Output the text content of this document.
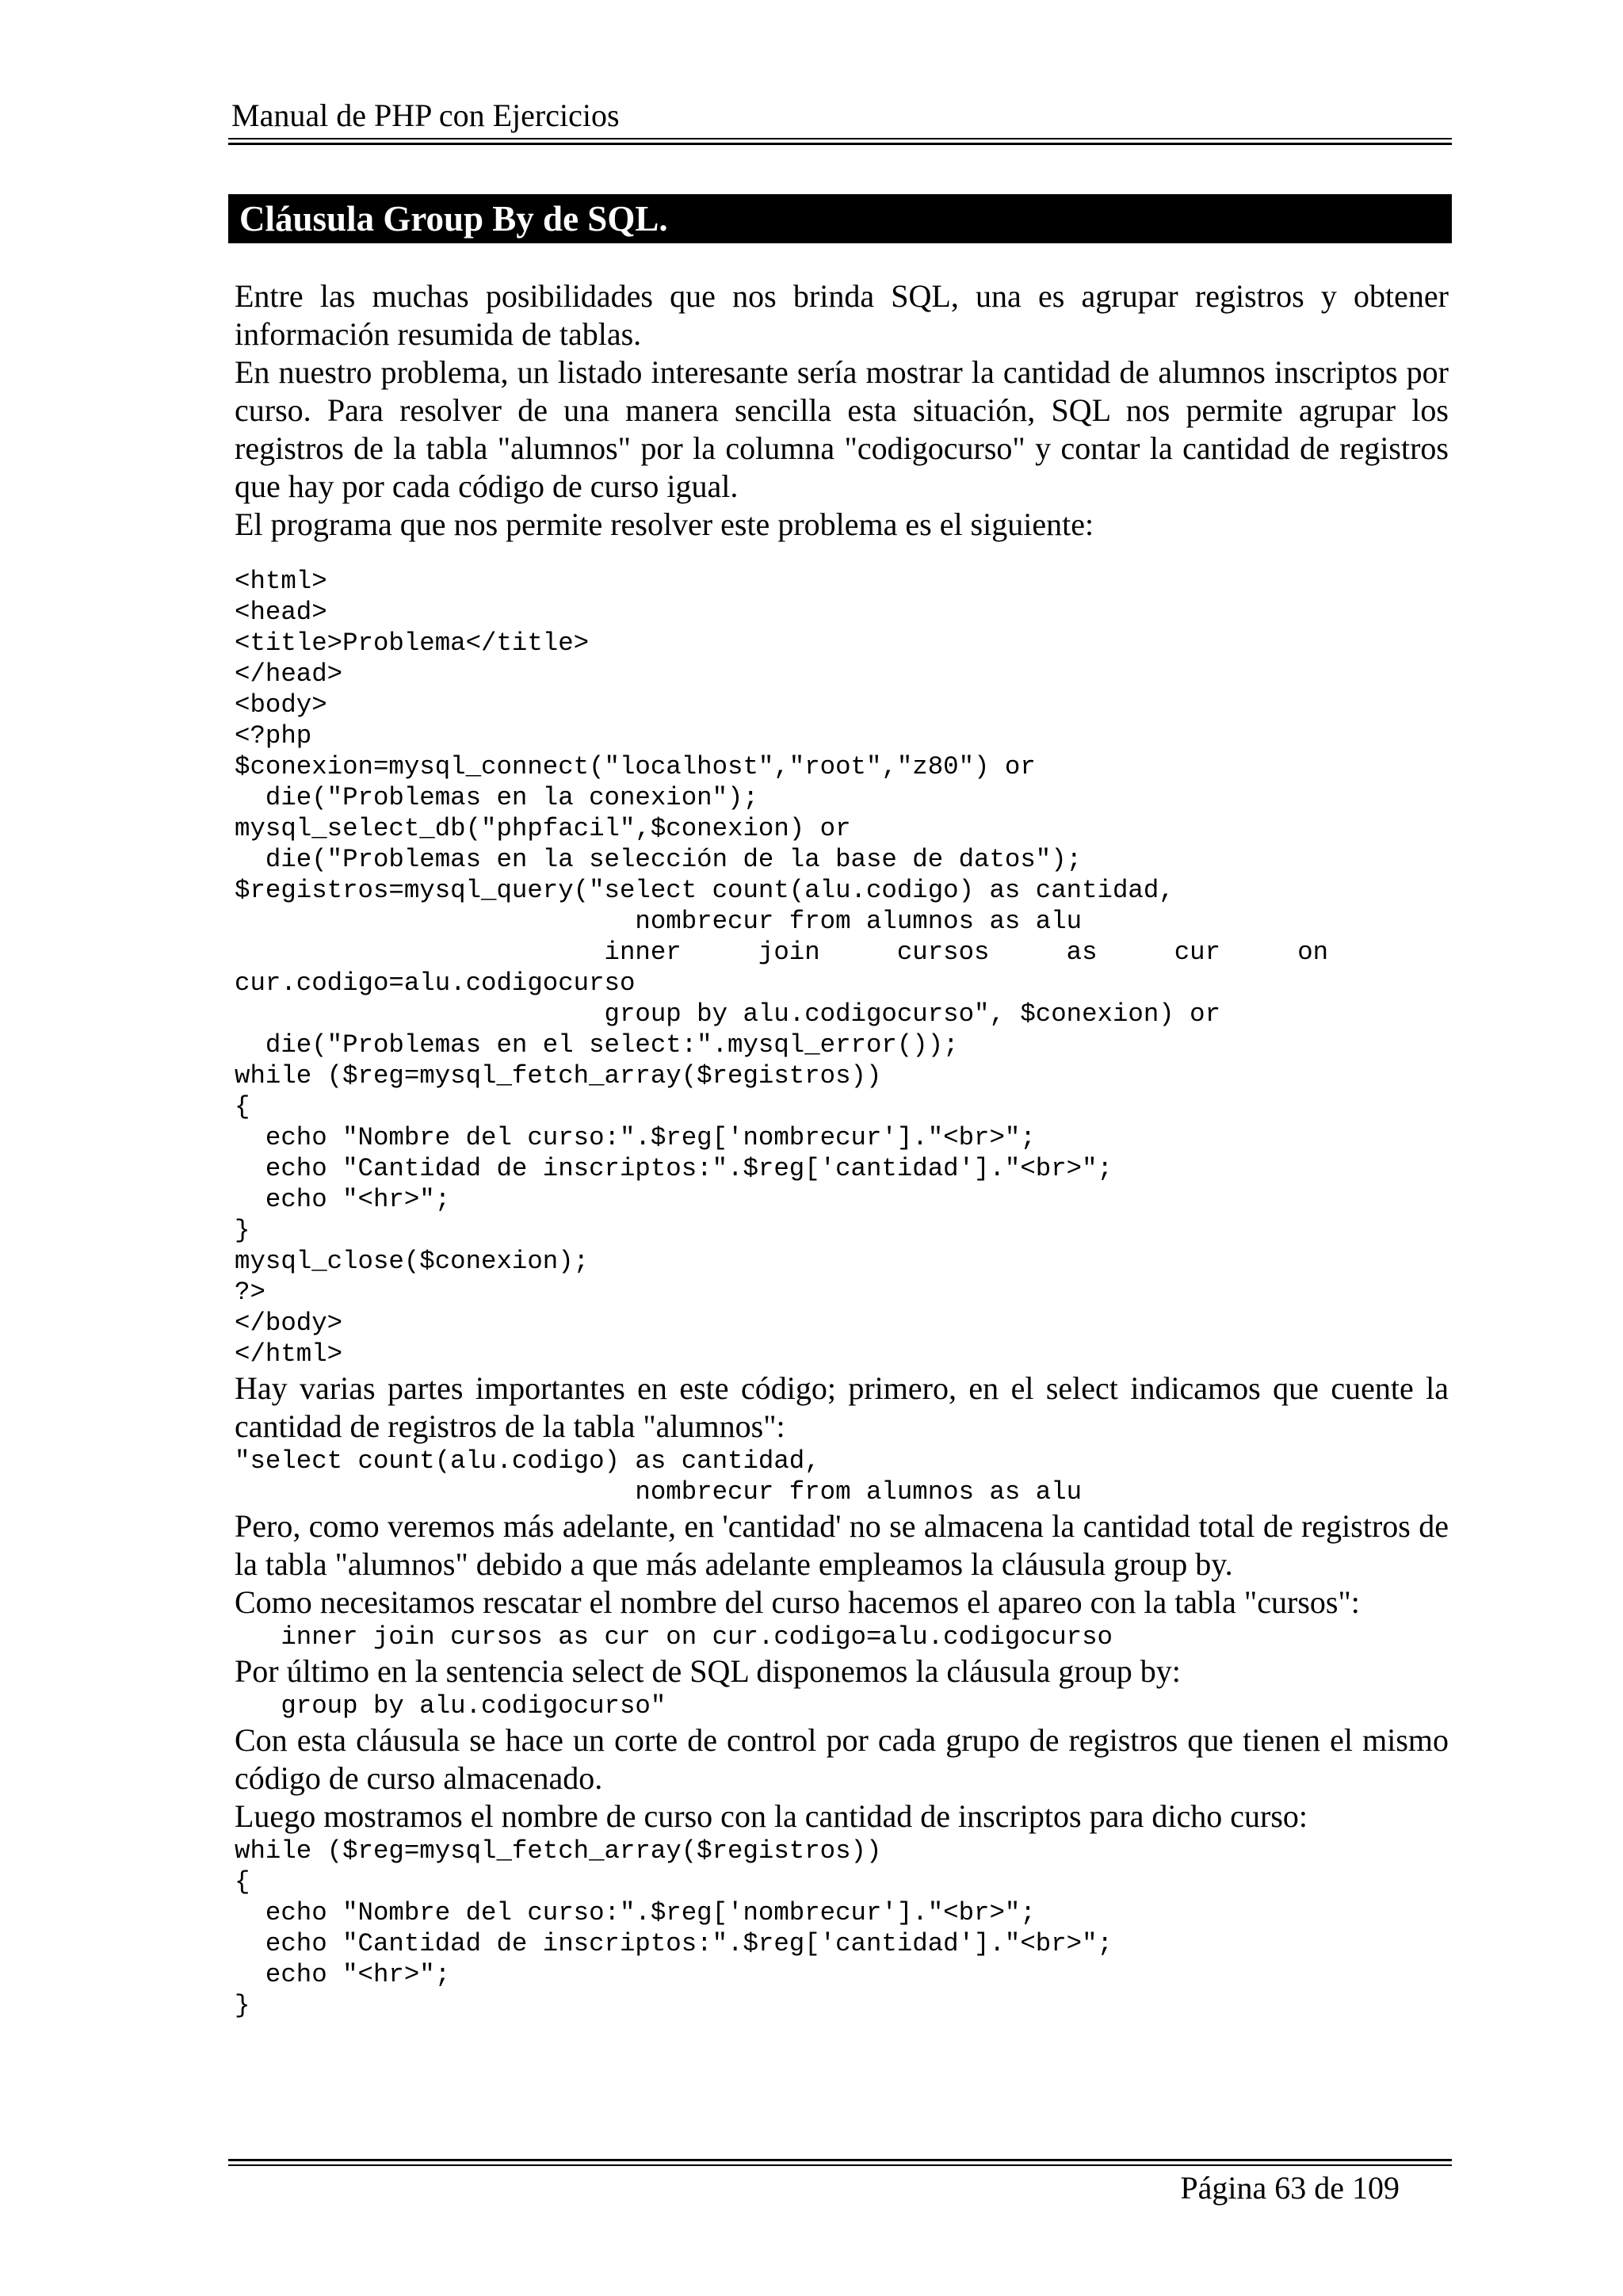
Manual de PHP con Ejercicios
Cláusula Group By de SQL.

Entre las muchas posibilidades que nos brinda SQL, una es agrupar registros y obtener información resumida de tablas.

En nuestro problema, un listado interesante sería mostrar la cantidad de alumnos inscriptos por curso. Para resolver de una manera sencilla esta situación, SQL nos permite agrupar los registros de la tabla "alumnos" por la columna "codigocurso" y contar la cantidad de registros que hay por cada código de curso igual.

El programa que nos permite resolver este problema es el siguiente:

<html>
<head>
<title>Problema</title>
</head>
<body>
<?php
$conexion=mysql_connect("localhost","root","z80") or
die("Problemas en la conexion");
mysql_select_db("phpfacil",$conexion) or
die("Problemas en la selección de la base de datos");
$registros=mysql_query("select count(alu.codigo) as cantidad,
nombrecur from alumnos as alu
inner     join     cursos     as     cur     on
cur.codigo=alu.codigocurso
group by alu.codigocurso", $conexion) or
die("Problemas en el select:".mysql_error());
while ($reg=mysql_fetch_array($registros))
{
echo "Nombre del curso:".$reg['nombrecur']."<br>";
echo "Cantidad de inscriptos:".$reg['cantidad']."<br>";
echo "<hr>";
}
mysql_close($conexion);
?>
</body>
</html>

Hay varias partes importantes en este código; primero, en el select indicamos que cuente la cantidad de registros de la tabla "alumnos":

"select count(alu.codigo) as cantidad,
nombrecur from alumnos as alu

Pero, como veremos más adelante, en 'cantidad' no se almacena la cantidad total de registros de la tabla "alumnos" debido a que más adelante empleamos la cláusula group by.

Como necesitamos rescatar el nombre del curso hacemos el apareo con la tabla "cursos":

inner join cursos as cur on cur.codigo=alu.codigocurso

Por último en la sentencia select de SQL disponemos la cláusula group by:

group by alu.codigocurso"

Con esta cláusula se hace un corte de control por cada grupo de registros que tienen el mismo código de curso almacenado.

Luego mostramos el nombre de curso con la cantidad de inscriptos para dicho curso:

while ($reg=mysql_fetch_array($registros))
{
echo "Nombre del curso:".$reg['nombrecur']."<br>";
echo "Cantidad de inscriptos:".$reg['cantidad']."<br>";
echo "<hr>";
}
Página 63 de 109
